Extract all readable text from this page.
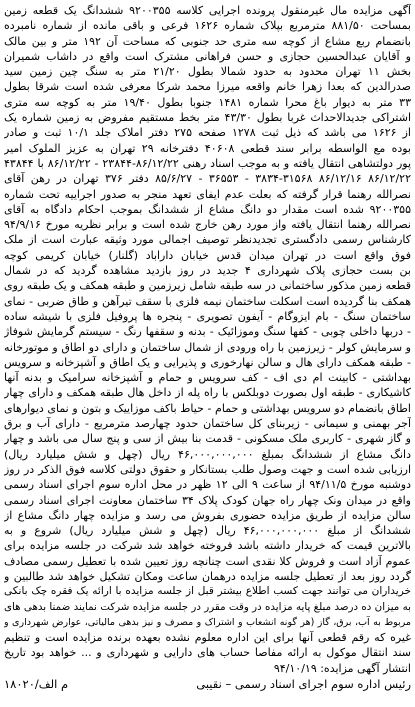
آگهی مزایده مال غیرمنقول پرونده اجرایی کلاسه ۹۲۰۰۳۵۵ ششدانگ یک قطعه زمین
بمساحت ۸۸۱/۵۰ مترمربع بپلاک شماره ۱۶۲۶ فرعی و باقی مانده از شماره نامبرده
بانضمام ربع مشاع از کوچه سه متری حد جنوبی که مساحت آن ۱۹۲ متر و بین مالک
و آقایان عبدالحسین حجازی و حسن فراهانی مشترک است واقع در داشاب شمیران
بخش ۱۱ تهران محدود به حدود شمالا بطول ۲۱/۲۰ متر به سنگ چین زمین سید
صدرالدین که بعدا زهرا خانم واقعه میرزا محمد شرکا معرفی شده است شرقا بطول
۳۳ متر به دیوار باغ محرا شماره ۱۴۸۱ جنوبا بطول ۱۹/۴۰ متر به کوچه سه متری
اشتراکی جدیدالاحداث غربا بطول ۴۳/۳۰ متر بخط مستقیم مفروض به زمین شماره یک
از ۱۶۲۶ می باشد که ذیل ثبت ۱۲۷۸ صفحه ۲۷۵ دفتر املاک جلد ۱۰/۱ ثبت و صادر
بوده مع الواسطه برابر سند قطعی ۴۰۶۰۸ دفترخانه ۲۹ تهران به عزیز الملوک امیر
پور دولتشاهی انتقال یافته و به موجب اسناد رهنی ۸۶/۱۲/۲۲-۲۳۸۴۴ - ۸۶/۱۲/۲۲ با ۴۳۸۴۴
۸۶/۱۲/۲۲ ۸۶/۱۲/۱۶ ۳۸۳۴-۳۱۵۶۸ - ۳۶۵۵۳ - ۸۵/۶/۲۷ دفتر ۳۷۶ تهران در رهن آقای
نصرالله رهنما قرار گرفته که بعلت عدم ایفای تعهد منجر به صدور اجراییه تحت شماره
۹۲۰۰۳۵۵ شده است مقدار دو دانگ مشاع از ششدانگ بموجب احکام دادگاه به آقای
نصرالله رهنما انتقال یافته واز مورد رهن خارج شده است و برابر نظریه مورخ ۹۴/۹/۱۶
کارشناس رسمی دادگستری تجدیدنظر توصیف اجمالی مورد وثیقه عبارت است از ملک
فوق واقع است در تهران میدان قدس خیابان داراباد (گلنار) خیابان کریمی کوچه
بن بست حجازی پلاک شهرداری ۴ جدید در روز بازدید مشاهده گردید که در شمال
قطعه زمین مذکور ساختمانی در سه طبقه شامل زیرزمین و طبقه همکف و یک طبقه روی
همکف بنا گردیده است اسکلت ساختمان نیمه فلزی با سقف تیرآهن و طاق ضربی - نمای
ساختمان سنگ - بام ایزوگام - آیفون تصویری - پنجره ها پروفیل فلزی با شیشه ساده
- دربها داخلی چوبی - کفها سنگ وموزائیک - بدنه و سقفها رنگ - سیستم گرمایش شوفاژ
و سرمایش کولر - زیرزمین با راه ورودی از شمال ساختمان و دارای دو اطاق و موتورخانه
- طبقه همکف دارای هال و سالن نهارخوری و پذیرایی و یک اطاق و آشپزخانه و سرویس
بهداشتی - کابینت ام دی اف - کف سرویس و حمام و آشپزخانه سرامیک و بدنه آنها
کاشیکاری - طبقه اول بصورت دوبلکس با راه پله از داخل هال طبقه همکف و دارای چهار
اطاق بانضمام دو سرویس بهداشتی و حمام - حیاط باکف موزاییک و بتون و نمای دیوارهای
آجر بهمنی و سیمانی - زیربنای کل ساختمان حدود چهارصد مترمربع - دارای آب و برق
و گاز شهری - کاربری ملک مسکونی - قدمت بنا بیش از سی و پنج سال می باشد و چهار
دانگ مشاع از ششدانگ بمبلغ ۴۶,۰۰۰,۰۰۰,۰۰۰ ریال (چهل و شش میلیارد ریال)
ارزیابی شده است و جهت وصول طلب بستانکار و حقوق دولتی کلاسه فوق الذکر در روز
دوشنبه مورخ ۹۴/۱۱/۵ از ساعت ۹ الی ۱۲ ظهر در محل اداره سوم اجرای اسناد رسمی
واقع در میدان ونک چهار راه جهان کودک پلاک ۳۴ ساختمان معاونت اجرای اسناد رسمی
سالن مزایده از طریق مزایده حضوری بفروش می رسد و مزایده چهار دانگ مشاع از
ششدانگ از مبلغ ۴۶,۰۰۰,۰۰۰,۰۰۰ ریال (چهل و شش میلیارد ریال) شروع و به
بالاترین قیمت که خریدار داشته باشد فروخته خواهد شد شرکت در جلسه مزایده برای
عموم آزاد است و فروش کلا نقدی است چنانچه روز تعیین شده با تعطیل رسمی مصادف
گردد روز بعد از تعطیل جلسه مزایده درهمان ساعت ومکان تشکیل خواهد شد طالبین و
خریداران می توانند جهت کسب اطلاع بیشتر قبل از جلسه مزایده با ارائه یک فقره چک بانکی
به میزان ده درصد مبلغ پایه مزایده در وقت مقرر در جلسه مزایده شرکت نمایند ضمنا بدهی های
مربوط به آب، برق، گاز (هر گونه انشعاب و اشتراک و مصرف و نیز بدهی مالیاتی، عوارض شهرداری و
غیره که رقم قطعی آنها برای این اداره معلوم نشده بعهده برنده مزایده است و تنظیم
سند انتقال موکول به ارائه مفاصا حساب های دارایی و شهرداری و ... خواهد بود تاریخ
انتشار آگهی مزایده: ۹۴/۱۰/۱۹
رئیس اداره سوم اجرای اسناد رسمی – نقیبی
۱۸۰۲۰/م الف
